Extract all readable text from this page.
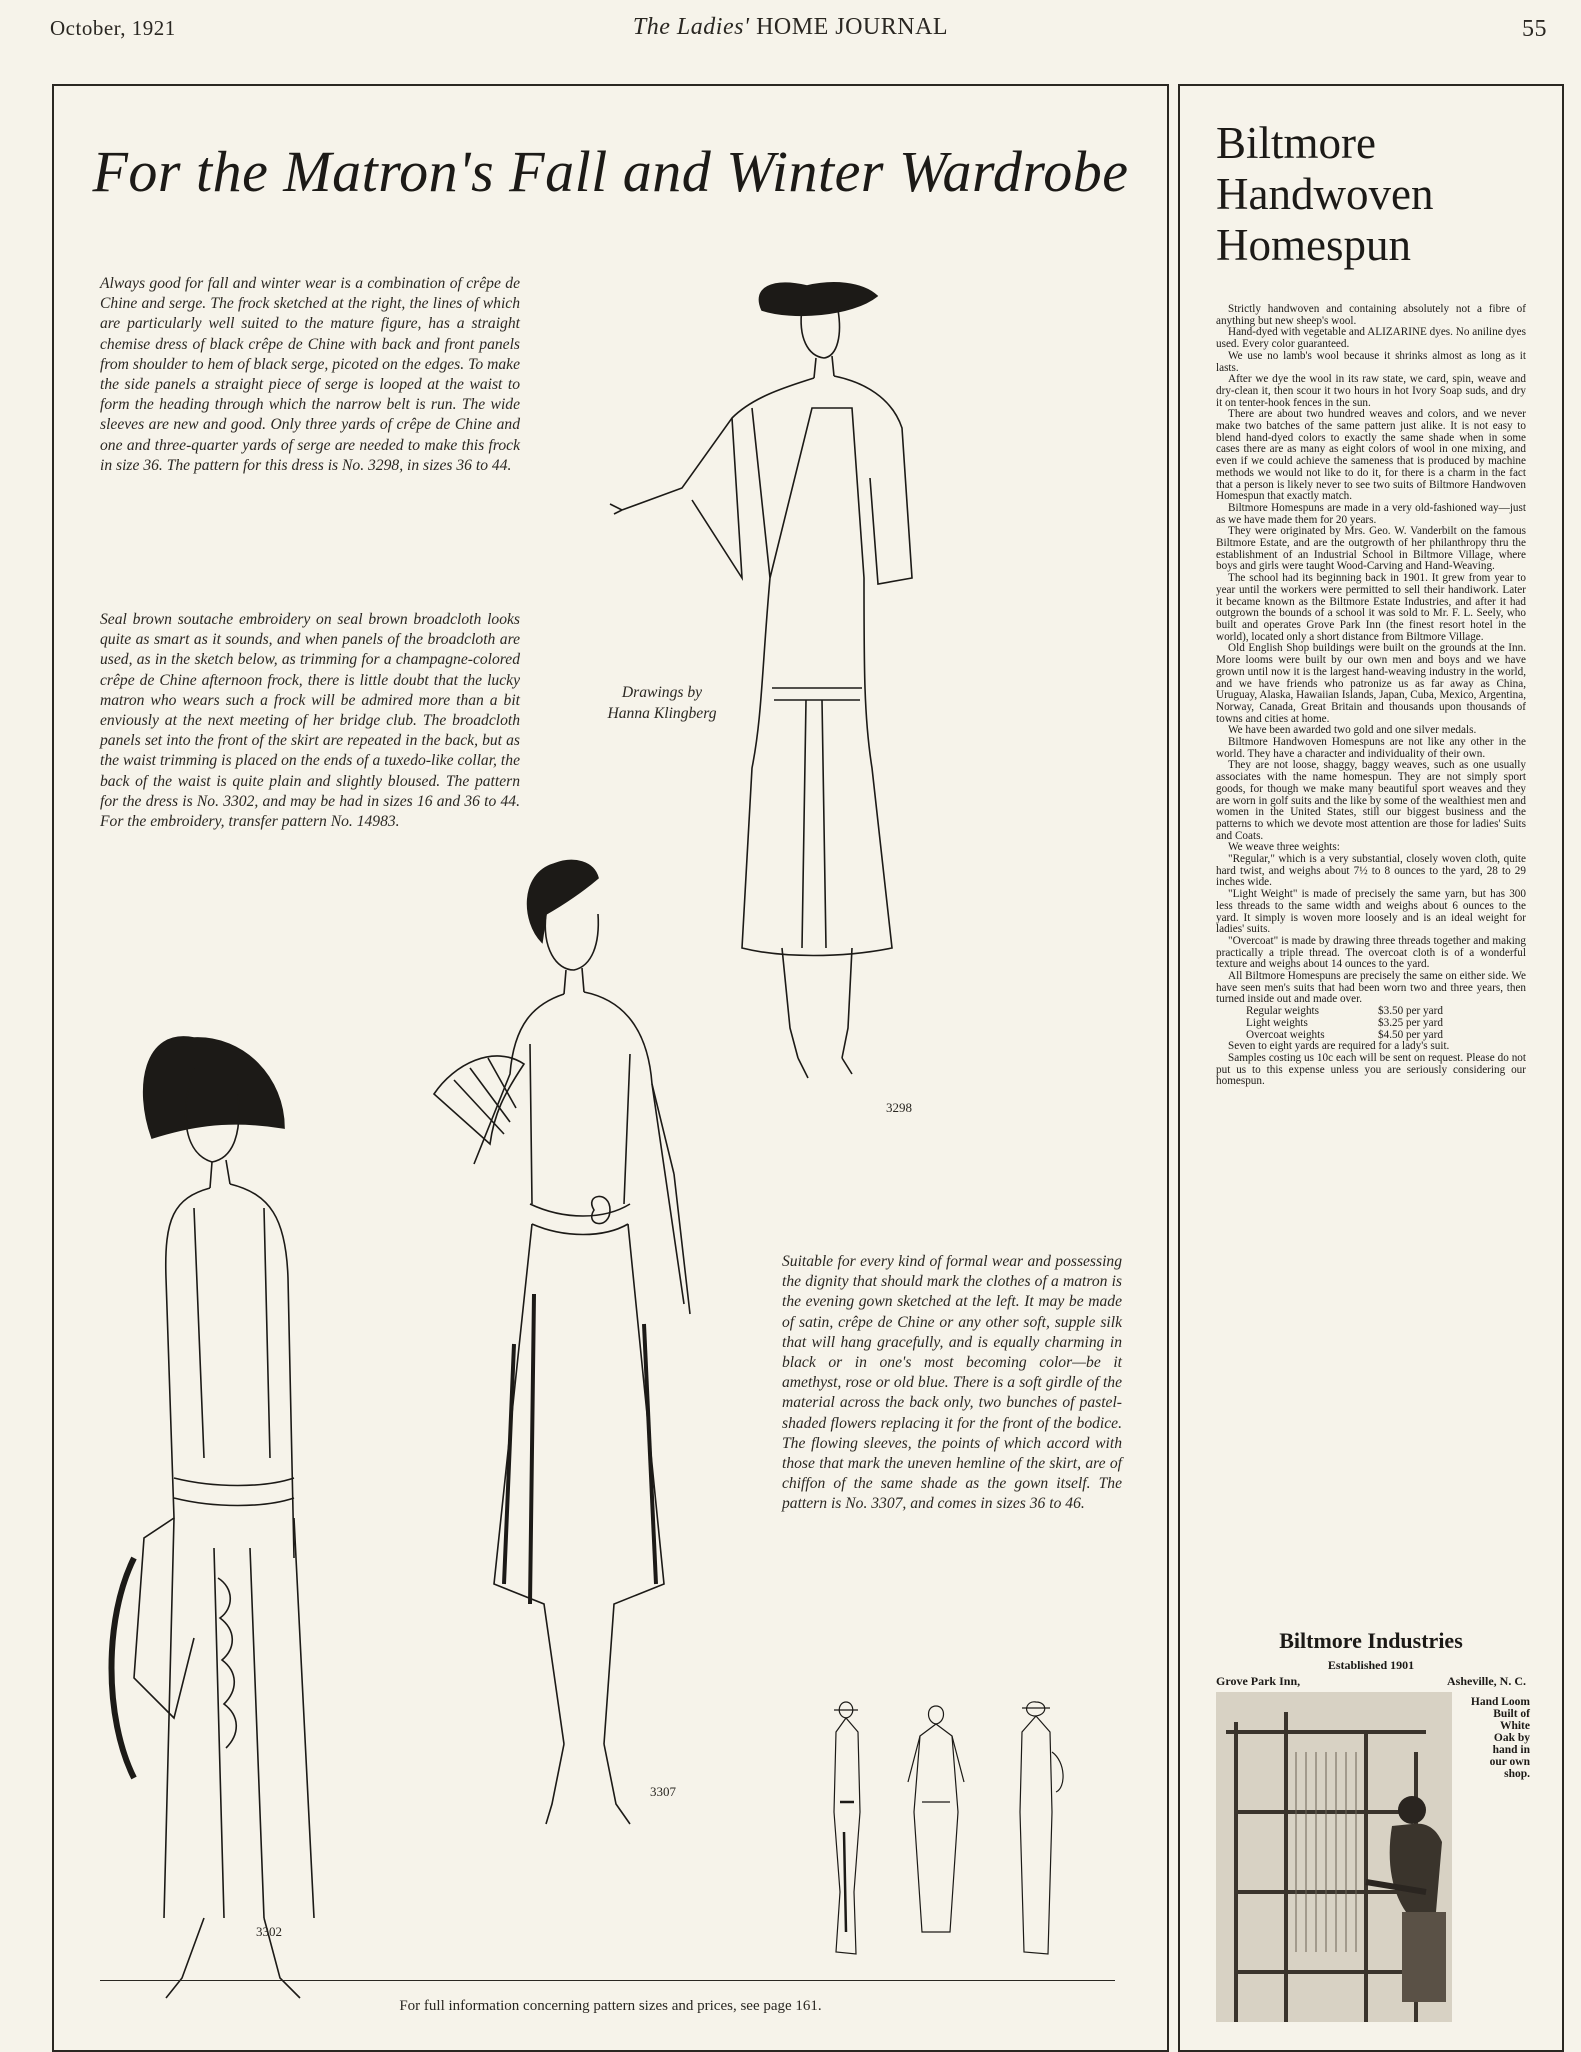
October, 1921	The Ladies' HOME JOURNAL	55
For the Matron's Fall and Winter Wardrobe

Always good for fall and winter wear is a combination of crêpe de Chine and serge. The frock sketched at the right, the lines of which are particularly well suited to the mature figure, has a straight chemise dress of black crêpe de Chine with back and front panels from shoulder to hem of black serge, picoted on the edges. To make the side panels a straight piece of serge is looped at the waist to form the heading through which the narrow belt is run. The wide sleeves are new and good. Only three yards of crêpe de Chine and one and three-quarter yards of serge are needed to make this frock in size 36. The pattern for this dress is No. 3298, in sizes 36 to 44.

Seal brown soutache embroidery on seal brown broadcloth looks quite as smart as it sounds, and when panels of the broadcloth are used, as in the sketch below, as trimming for a champagne-colored crêpe de Chine afternoon frock, there is little doubt that the lucky matron who wears such a frock will be admired more than a bit enviously at the next meeting of her bridge club. The broadcloth panels set into the front of the skirt are repeated in the back, but as the waist trimming is placed on the ends of a tuxedo-like collar, the back of the waist is quite plain and slightly bloused. The pattern for the dress is No. 3302, and may be had in sizes 16 and 36 to 44. For the embroidery, transfer pattern No. 14983.

Drawings by
Hanna Klingberg
3298
3302
3307

Suitable for every kind of formal wear and possessing the dignity that should mark the clothes of a matron is the evening gown sketched at the left. It may be made of satin, crêpe de Chine or any other soft, supple silk that will hang gracefully, and is equally charming in black or in one's most becoming color—be it amethyst, rose or old blue. There is a soft girdle of the material across the back only, two bunches of pastel-shaded flowers replacing it for the front of the bodice. The flowing sleeves, the points of which accord with those that mark the uneven hemline of the skirt, are of chiffon of the same shade as the gown itself. The pattern is No. 3307, and comes in sizes 36 to 46.

For full information concerning pattern sizes and prices, see page 161.
Biltmore
Handwoven
Homespun

Strictly handwoven and containing absolutely not a fibre of anything but new sheep's wool.

Hand-dyed with vegetable and ALIZARINE dyes. No aniline dyes used. Every color guaranteed.

We use no lamb's wool because it shrinks almost as long as it lasts.

After we dye the wool in its raw state, we card, spin, weave and dry-clean it, then scour it two hours in hot Ivory Soap suds, and dry it on tenter-hook fences in the sun.

There are about two hundred weaves and colors, and we never make two batches of the same pattern just alike. It is not easy to blend hand-dyed colors to exactly the same shade when in some cases there are as many as eight colors of wool in one mixing, and even if we could achieve the sameness that is produced by machine methods we would not like to do it, for there is a charm in the fact that a person is likely never to see two suits of Biltmore Handwoven Homespun that exactly match.

Biltmore Homespuns are made in a very old-fashioned way—just as we have made them for 20 years.

They were originated by Mrs. Geo. W. Vanderbilt on the famous Biltmore Estate, and are the outgrowth of her philanthropy thru the establishment of an Industrial School in Biltmore Village, where boys and girls were taught Wood-Carving and Hand-Weaving.

The school had its beginning back in 1901. It grew from year to year until the workers were permitted to sell their handiwork. Later it became known as the Biltmore Estate Industries, and after it had outgrown the bounds of a school it was sold to Mr. F. L. Seely, who built and operates Grove Park Inn (the finest resort hotel in the world), located only a short distance from Biltmore Village.

Old English Shop buildings were built on the grounds at the Inn. More looms were built by our own men and boys and we have grown until now it is the largest hand-weaving industry in the world, and we have friends who patronize us as far away as China, Uruguay, Alaska, Hawaiian Islands, Japan, Cuba, Mexico, Argentina, Norway, Canada, Great Britain and thousands upon thousands of towns and cities at home.

We have been awarded two gold and one silver medals.

Biltmore Handwoven Homespuns are not like any other in the world. They have a character and individuality of their own.

They are not loose, shaggy, baggy weaves, such as one usually associates with the name homespun. They are not simply sport goods, for though we make many beautiful sport weaves and they are worn in golf suits and the like by some of the wealthiest men and women in the United States, still our biggest business and the patterns to which we devote most attention are those for ladies' Suits and Coats.

We weave three weights:

"Regular," which is a very substantial, closely woven cloth, quite hard twist, and weighs about 7½ to 8 ounces to the yard, 28 to 29 inches wide.

"Light Weight" is made of precisely the same yarn, but has 300 less threads to the same width and weighs about 6 ounces to the yard. It simply is woven more loosely and is an ideal weight for ladies' suits.

"Overcoat" is made by drawing three threads together and making practically a triple thread. The overcoat cloth is of a wonderful texture and weighs about 14 ounces to the yard.

All Biltmore Homespuns are precisely the same on either side. We have seen men's suits that had been worn two and three years, then turned inside out and made over.

Regular weights	$3.50 per yard
Light weights	$3.25 per yard
Overcoat weights	$4.50 per yard

Seven to eight yards are required for a lady's suit.

Samples costing us 10c each will be sent on request. Please do not put us to this expense unless you are seriously considering our homespun.

Biltmore Industries
Established 1901
Grove Park Inn,	Asheville, N. C.
Hand Loom
Built of
White
Oak by
hand in
our own
shop.
